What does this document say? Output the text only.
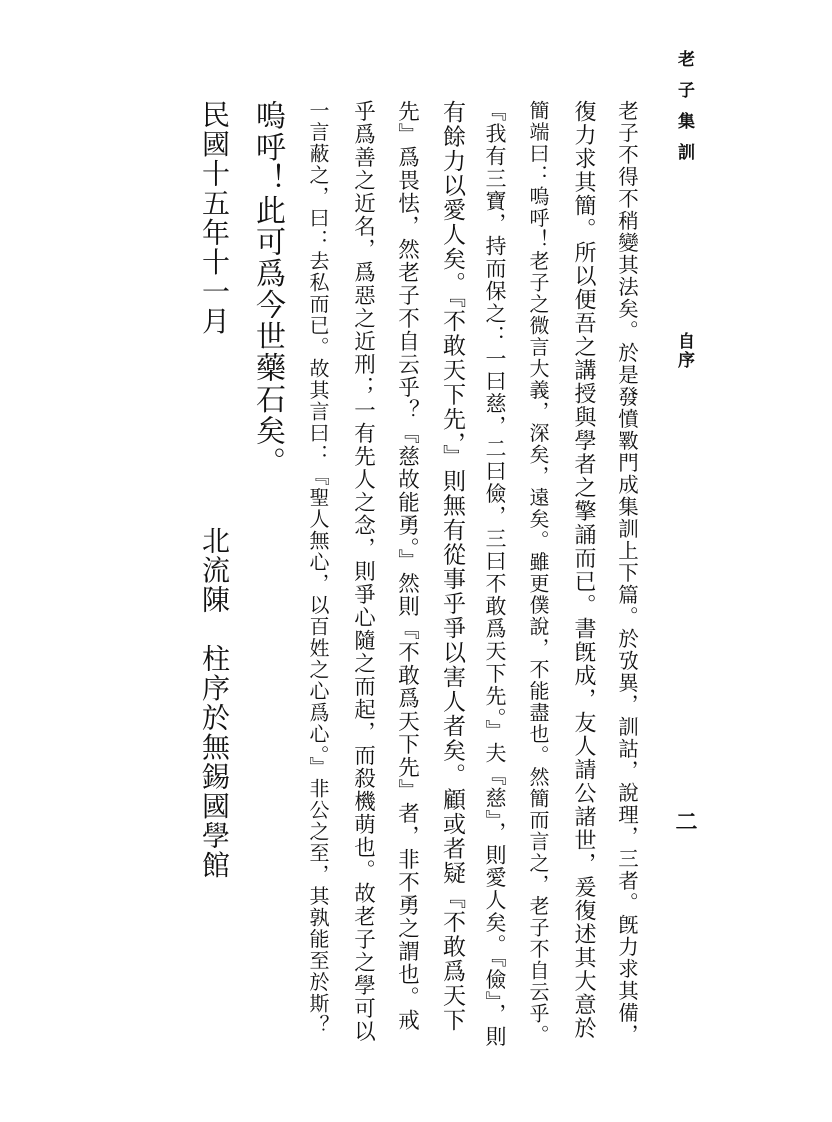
老子集訓
自序
二
老子不得不稍變其法矣。於是發憤斁門成集訓上下篇。於攷異，訓詁，說理，三者。旣力求其備，
復力求其簡。所以便吾之講授與學者之擎誦而已。書旣成，友人請公諸世，爰復述其大意於
簡端曰：嗚呼！老子之微言大義，深矣，遠矣。雖更僕說，不能盡也。然簡而言之，老子不自云乎。
『我有三寶，持而保之：一曰慈，二曰儉，三曰不敢爲天下先。』夫『慈』，則愛人矣。『儉』，則
有餘力以愛人矣。『不敢天下先，』則無有從事乎爭以害人者矣。顧或者疑『不敢爲天下
先』爲畏怯，然老子不自云乎？『慈故能勇。』然則『不敢爲天下先』者，非不勇之謂也。戒
乎爲善之近名，爲惡之近刑；一有先人之念，則爭心隨之而起，而殺機萌也。故老子之學可以
一言蔽之，曰：去私而已。故其言曰：『聖人無心，以百姓之心爲心。』非公之至，其孰能至於斯？
嗚呼！此可爲今世藥石矣。
民國十五年十一月
北流陳　柱序於無錫國學館
